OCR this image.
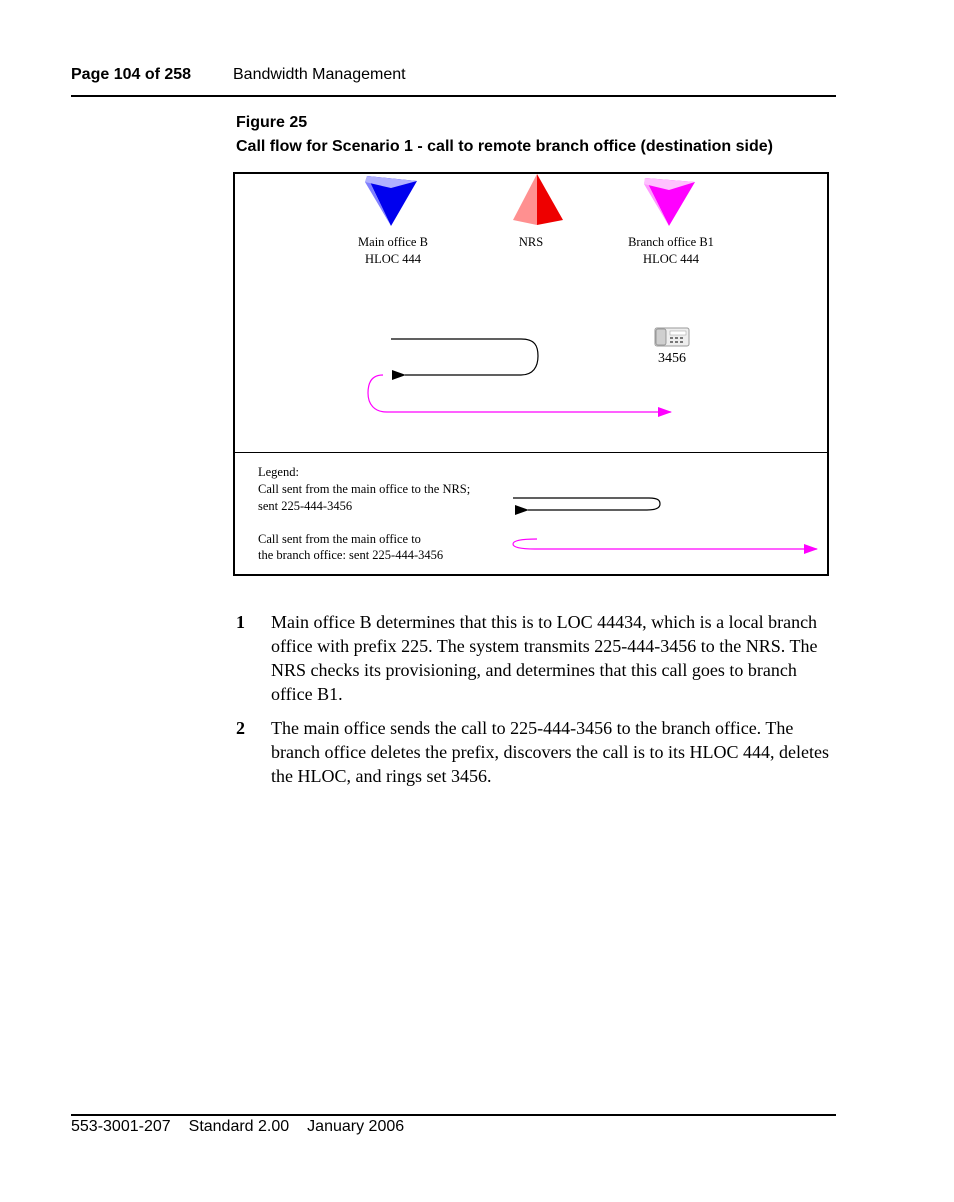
Page 104 of 258	Bandwidth Management
Figure 25
Call flow for Scenario 1 - call to remote branch office (destination side)
Main office B
HLOC 444
NRS	Branch office B1
HLOC 444
3456
Legend:
Call sent from the main office to the NRS;
sent 225-444-3456
Call sent from the main office to
the branch office: sent 225-444-3456
1 Main office B determines that this is to LOC 44434, which is a local branch office with prefix 225. The system transmits 225-444-3456 to the NRS. The NRS checks its provisioning, and determines that this call goes to branch office B1.
2 The main office sends the call to 225-444-3456 to the branch office. The branch office deletes the prefix, discovers the call is to its HLOC 444, deletes the HLOC, and rings set 3456.
553-3001-207 Standard 2.00 January 2006
